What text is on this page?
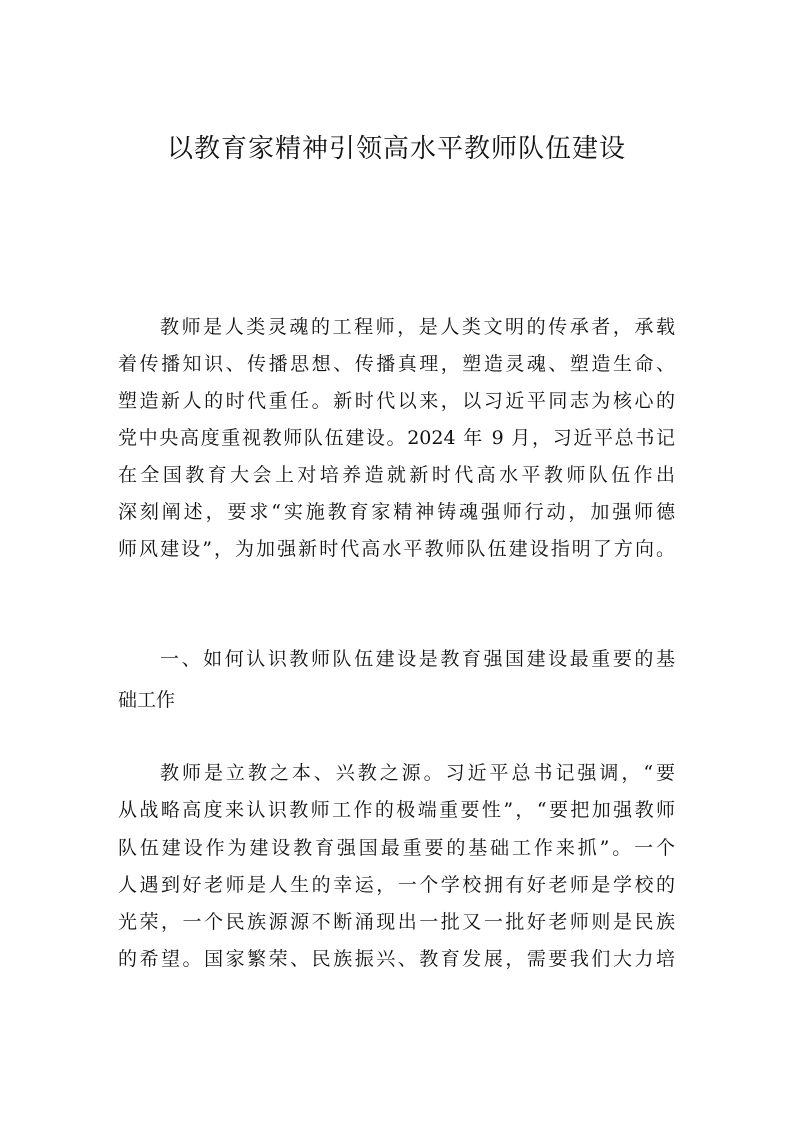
以教育家精神引领高水平教师队伍建设
教师是人类灵魂的工程师，是人类文明的传承者，承载
着传播知识、传播思想、传播真理，塑造灵魂、塑造生命、
塑造新人的时代重任。新时代以来，以习近平同志为核心的
党中央高度重视教师队伍建设。2024 年 9 月，习近平总书记
在全国教育大会上对培养造就新时代高水平教师队伍作出
深刻阐述，要求“实施教育家精神铸魂强师行动，加强师德
师风建设”，为加强新时代高水平教师队伍建设指明了方向。
一、如何认识教师队伍建设是教育强国建设最重要的基
础工作
教师是立教之本、兴教之源。习近平总书记强调，“要
从战略高度来认识教师工作的极端重要性”，“要把加强教师
队伍建设作为建设教育强国最重要的基础工作来抓”。一个
人遇到好老师是人生的幸运，一个学校拥有好老师是学校的
光荣，一个民族源源不断涌现出一批又一批好老师则是民族
的希望。国家繁荣、民族振兴、教育发展，需要我们大力培
